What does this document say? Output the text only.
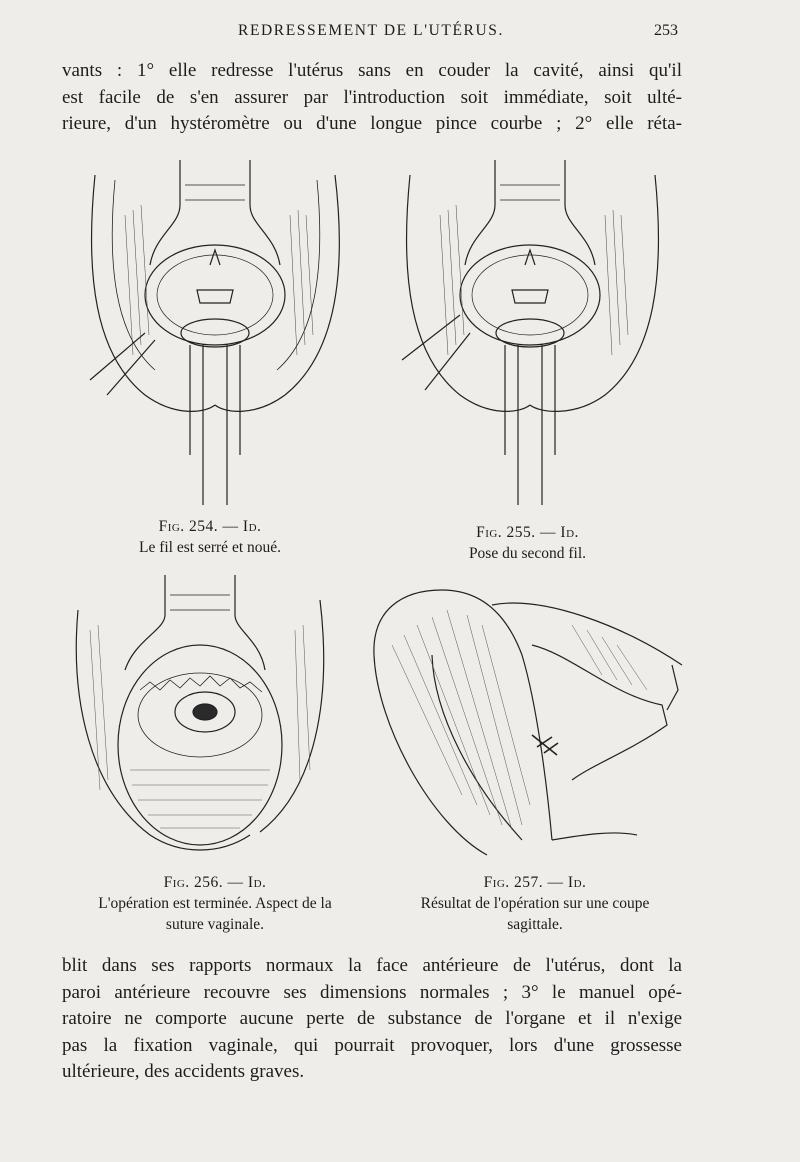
REDRESSEMENT DE L'UTÉRUS.	253
vants : 1° elle redresse l'utérus sans en couder la cavité, ainsi qu'il
est facile de s'en assurer par l'introduction soit immédiate, soit ulté-
rieure, d'un hystéromètre ou d'une longue pince courbe ; 2° elle réta-
Fig. 254. — Id.
Le fil est serré et noué.
Fig. 255. — Id.
Pose du second fil.
Fig. 256. — Id.
L'opération est terminée. Aspect de la
suture vaginale.
Fig. 257. — Id.
Résultat de l'opération sur une coupe
sagittale.
blit dans ses rapports normaux la face antérieure de l'utérus, dont la
paroi antérieure recouvre ses dimensions normales ; 3° le manuel opé-
ratoire ne comporte aucune perte de substance de l'organe et il n'exige
pas la fixation vaginale, qui pourrait provoquer, lors d'une grossesse
ultérieure, des accidents graves.
